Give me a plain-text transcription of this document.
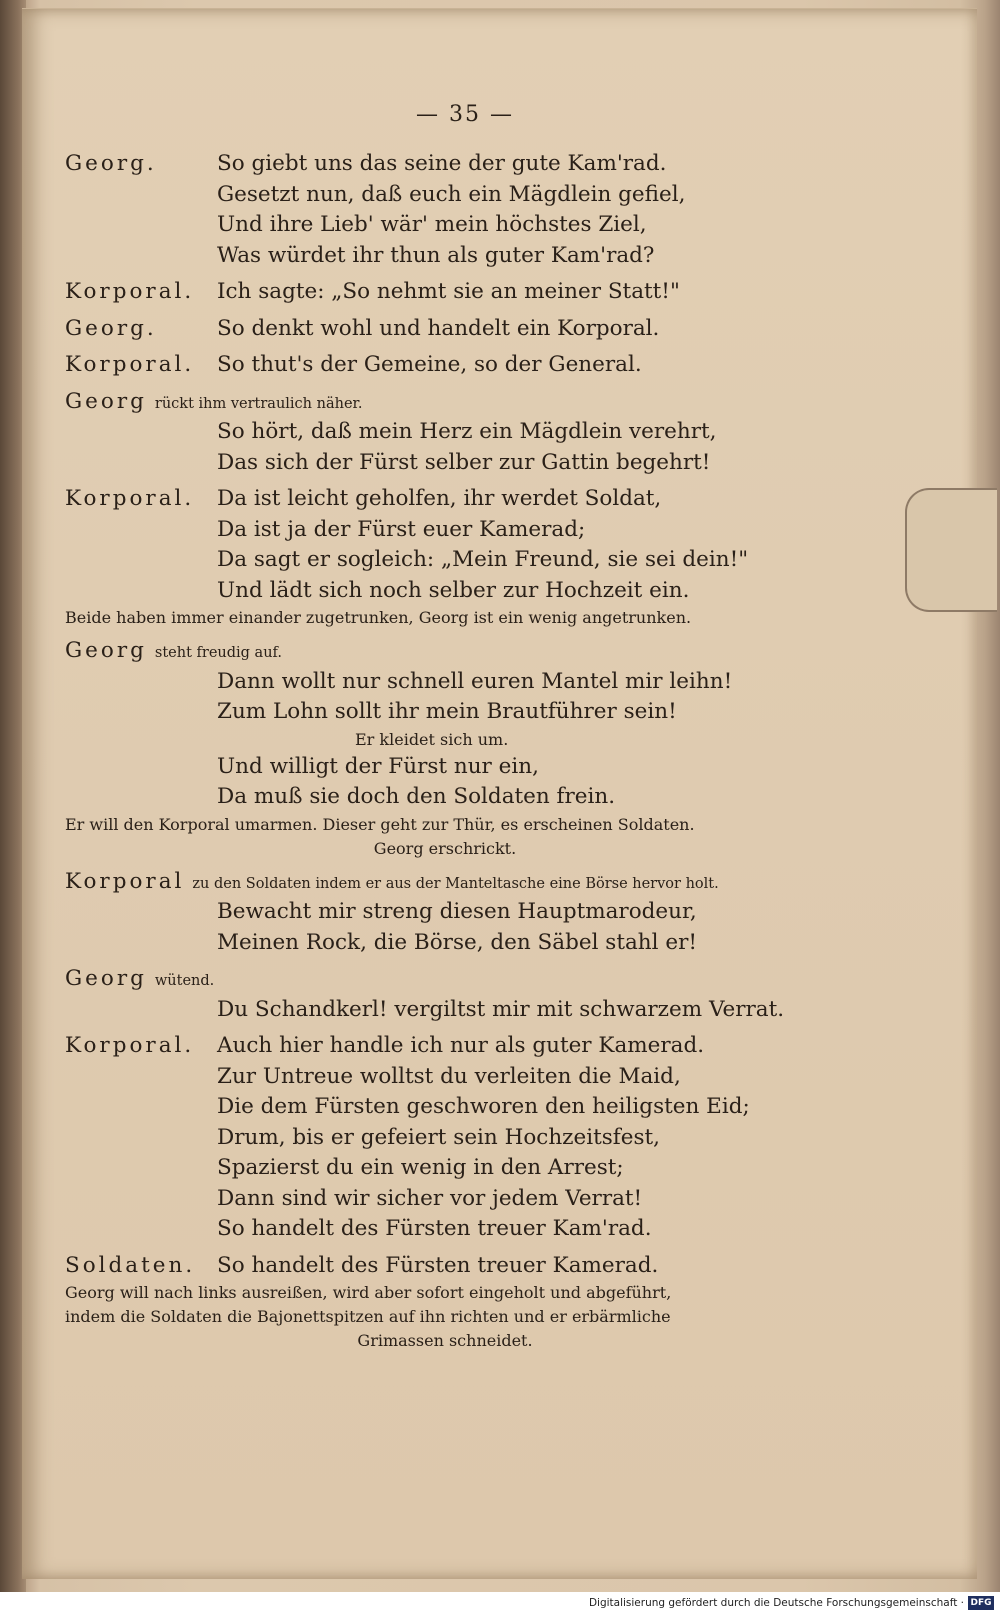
— 35 —
Georg.	So giebt uns das seine der gute Kam'rad.
Gesetzt nun, daß euch ein Mägdlein gefiel,
Und ihre Lieb' wär' mein höchstes Ziel,
Was würdet ihr thun als guter Kam'rad?
Korporal.	Ich sagte: „So nehmt sie an meiner Statt!"
Georg.	So denkt wohl und handelt ein Korporal.
Korporal.	So thut's der Gemeine, so der General.
Georg rückt ihm vertraulich näher.
So hört, daß mein Herz ein Mägdlein verehrt,
Das sich der Fürst selber zur Gattin begehrt!
Korporal.	Da ist leicht geholfen, ihr werdet Soldat,
Da ist ja der Fürst euer Kamerad;
Da sagt er sogleich: „Mein Freund, sie sei dein!"
Und lädt sich noch selber zur Hochzeit ein.
Beide haben immer einander zugetrunken, Georg ist ein wenig angetrunken.
Georg steht freudig auf.
Dann wollt nur schnell euren Mantel mir leihn!
Zum Lohn sollt ihr mein Brautführer sein!
Er kleidet sich um.
Und willigt der Fürst nur ein,
Da muß sie doch den Soldaten frein.
Er will den Korporal umarmen. Dieser geht zur Thür, es erscheinen Soldaten.
Georg erschrickt.
Korporal zu den Soldaten indem er aus der Manteltasche eine Börse hervor holt.
Bewacht mir streng diesen Hauptmarodeur,
Meinen Rock, die Börse, den Säbel stahl er!
Georg wütend.
Du Schandkerl! vergiltst mir mit schwarzem Verrat.
Korporal.	Auch hier handle ich nur als guter Kamerad.
Zur Untreue wolltst du verleiten die Maid,
Die dem Fürsten geschworen den heiligsten Eid;
Drum, bis er gefeiert sein Hochzeitsfest,
Spazierst du ein wenig in den Arrest;
Dann sind wir sicher vor jedem Verrat!
So handelt des Fürsten treuer Kam'rad.
Soldaten.	So handelt des Fürsten treuer Kamerad.
Georg will nach links ausreißen, wird aber sofort eingeholt und abgeführt,
indem die Soldaten die Bajonettspitzen auf ihn richten und er erbärmliche
Grimassen schneidet.
Digitalisierung gefördert durch die Deutsche Forschungsgemeinschaft · DFG
